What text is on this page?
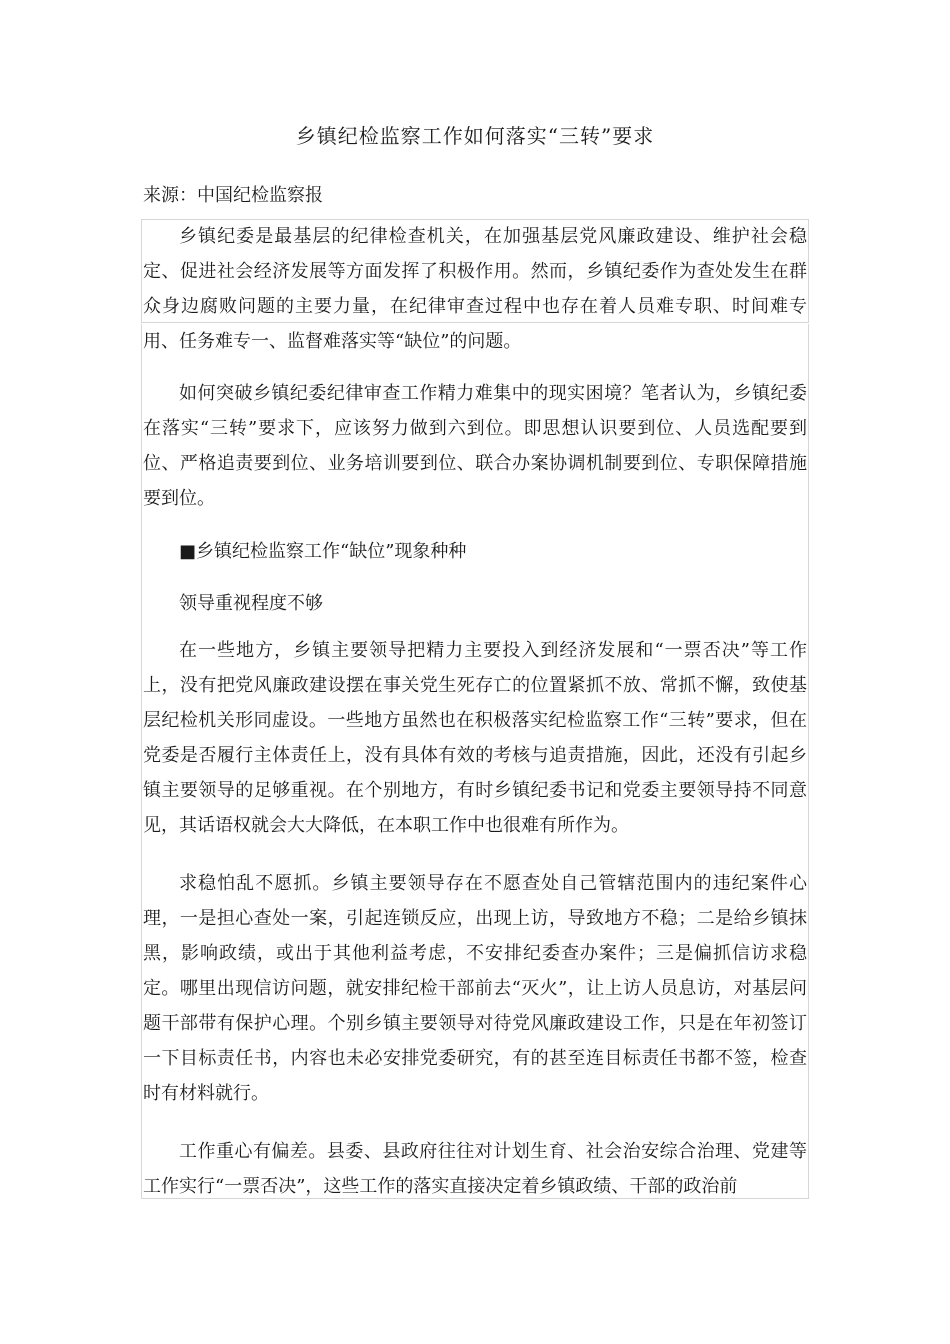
乡镇纪检监察工作如何落实“三转”要求
来源：中国纪检监察报

乡镇纪委是最基层的纪律检查机关，在加强基层党风廉政建设、维护社会稳定、促进社会经济发展等方面发挥了积极作用。然而，乡镇纪委作为查处发生在群众身边腐败问题的主要力量，在纪律审查过程中也存在着人员难专职、时间难专用、任务难专一、监督难落实等“缺位”的问题。

如何突破乡镇纪委纪律审查工作精力难集中的现实困境？笔者认为，乡镇纪委在落实“三转”要求下，应该努力做到六到位。即思想认识要到位、人员选配要到位、严格追责要到位、业务培训要到位、联合办案协调机制要到位、专职保障措施要到位。

■乡镇纪检监察工作“缺位”现象种种

领导重视程度不够

在一些地方，乡镇主要领导把精力主要投入到经济发展和“一票否决”等工作上，没有把党风廉政建设摆在事关党生死存亡的位置紧抓不放、常抓不懈，致使基层纪检机关形同虚设。一些地方虽然也在积极落实纪检监察工作“三转”要求，但在党委是否履行主体责任上，没有具体有效的考核与追责措施，因此，还没有引起乡镇主要领导的足够重视。在个别地方，有时乡镇纪委书记和党委主要领导持不同意见，其话语权就会大大降低，在本职工作中也很难有所作为。

求稳怕乱不愿抓。乡镇主要领导存在不愿查处自己管辖范围内的违纪案件心理，一是担心查处一案，引起连锁反应，出现上访，导致地方不稳；二是给乡镇抹黑，影响政绩，或出于其他利益考虑，不安排纪委查办案件；三是偏抓信访求稳定。哪里出现信访问题，就安排纪检干部前去“灭火”，让上访人员息访，对基层问题干部带有保护心理。个别乡镇主要领导对待党风廉政建设工作，只是在年初签订一下目标责任书，内容也未必安排党委研究，有的甚至连目标责任书都不签，检查时有材料就行。

工作重心有偏差。县委、县政府往往对计划生育、社会治安综合治理、党建等工作实行“一票否决”，这些工作的落实直接决定着乡镇政绩、干部的政治前
